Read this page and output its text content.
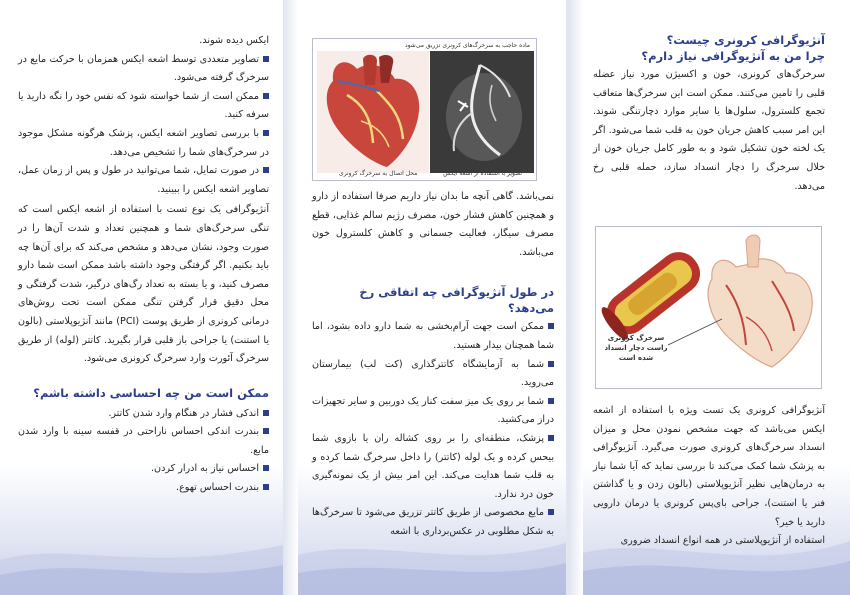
ایکس دیده شوند.

تصاویر متعددی توسط اشعه ایکس همزمان با حرکت مایع در سرخرگ گرفته می‌شود.

ممکن است از شما خواسته شود که نفس خود را نگه دارید یا سرفه کنید.

با بررسی تصاویر اشعه ایکس، پزشک هرگونه مشکل موجود در سرخرگ‌های شما را تشخیص می‌دهد.

در صورت تمایل، شما می‌توانید در طول و پس از زمان عمل، تصاویر اشعه ایکس را ببینید.

آنژیوگرافی یک نوع تست با استفاده از اشعه ایکس است که تنگی سرخرگ‌های شما و همچنین تعداد و شدت آن‌ها را در صورت وجود، نشان می‌دهد و مشخص می‌کند که برای آن‌ها چه باید بکنیم. اگر گرفتگی وجود داشته باشد ممکن است شما دارو مصرف کنید، و یا بسته به تعداد رگ‌های درگیر، شدت گرفتگی و محل دقیق قرار گرفتن تنگی ممکن است تحت روش‌های درمانی کرونری از طریق پوست (PCI) مانند آنژیوپلاستی (بالون یا استنت) یا جراحی باز قلبی قرار بگیرید. کاتتر (لوله) از طریق سرخرگ آئورت وارد سرخرگ کرونری می‌شود.

ممکن است من چه احساسی داشته باشم؟

اندکی فشار در هنگام وارد شدن کاتتر.

بندرت اندکی احساس ناراحتی در قفسه سینه با وارد شدن مایع.

احساس نیاز به ادرار کردن.

بندرت احساس تهوع.

ماده حاجب به سرخرگ‌های کرونری تزریق می‌شود
محل اتصال به سرخرگ کرونری	تصویر با استفاده از اشعه ایکس

نمی‌باشد. گاهی آنچه ما بدان نیاز داریم صرفا استفاده از دارو و همچنین کاهش فشار خون، مصرف رژیم سالم غذایی، قطع مصرف سیگار، فعالیت جسمانی و کاهش کلسترول خون می‌باشد.

در طول آنژیوگرافی چه اتفاقی رخ می‌دهد؟

ممکن است جهت آرام‌بخشی به شما دارو داده بشود، اما شما همچنان بیدار هستید.

شما به آزمایشگاه کاتترگذاری (کت لب) بیمارستان می‌روید.

شما بر روی یک میز سفت کنار یک دوربین و سایر تجهیزات دراز می‌کشید.

پزشک، منطقه‌ای را بر روی کشاله ران یا بازوی شما بیحس کرده و یک لوله (کاتتر) را داخل سرخرگ شما کرده و به قلب شما هدایت می‌کند. این امر بیش از یک نمونه‌گیری خون درد ندارد.

مایع مخصوصی از طریق کاتتر تزریق می‌شود تا سرخرگ‌ها به شکل مطلوبی در عکس‌برداری با اشعه

آنژیوگرافی کرونری چیست؟

چرا من به آنژیوگرافی نیاز دارم؟

سرخرگ‌های کرونری، خون و اکسیژن مورد نیاز عضله قلبی را تامین می‌کنند. ممکن است این سرخرگ‌ها متعاقب تجمع کلسترول، سلول‌ها یا سایر موارد دچارتنگی شوند. این امر سبب کاهش جریان خون به قلب شما می‌شود. اگر یک لخته خون تشکیل شود و به طور کامل جریان خون از خلال سرخرگ را دچار انسداد سازد، حمله قلبی رخ می‌دهد.

سرخرگ کرونری راست دچار انسداد شده است

آنژیوگرافی کرونری یک تست ویژه با استفاده از اشعه ایکس می‌باشد که جهت مشخص نمودن محل و میزان انسداد سرخرگ‌های کرونری صورت می‌گیرد. آنژیوگرافی به پزشک شما کمک می‌کند تا بررسی نماید که آیا شما نیاز به درمان‌هایی نظیر آنژیوپلاستی (بالون زدن و یا گذاشتن فنر یا استنت)، جراحی بای‌پس کرونری یا درمان دارویی دارید یا خیر؟

استفاده از آنژیوپلاستی در همه انواع انسداد ضروری
